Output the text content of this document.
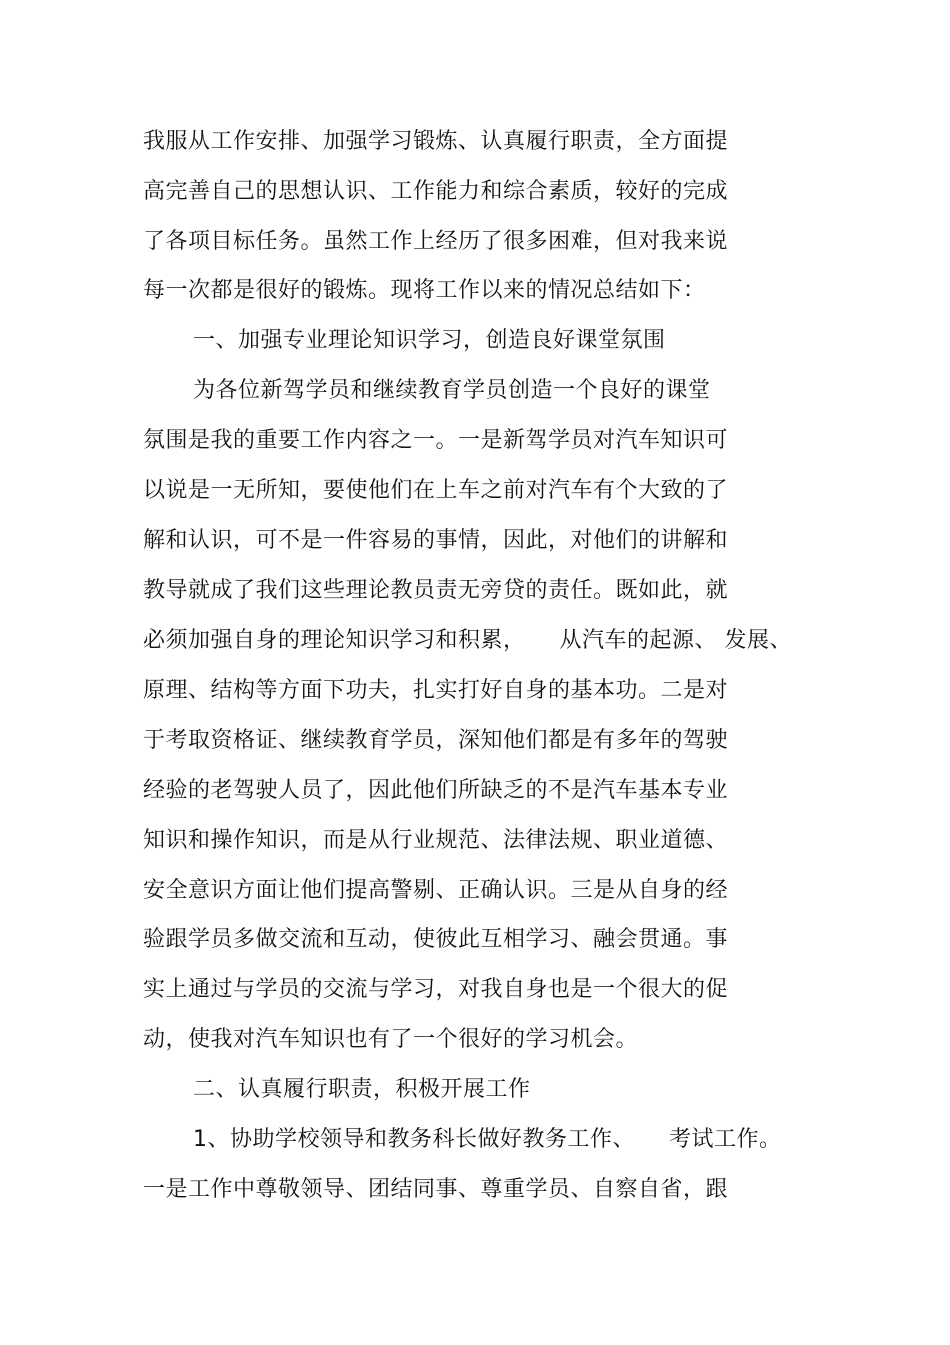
我服从工作安排、加强学习锻炼、认真履行职责，全方面提
高完善自己的思想认识、工作能力和综合素质，较好的完成
了各项目标任务。虽然工作上经历了很多困难，但对我来说
每一次都是很好的锻炼。现将工作以来的情况总结如下：
一、加强专业理论知识学习，创造良好课堂氛围
为各位新驾学员和继续教育学员创造一个良好的课堂
氛围是我的重要工作内容之一。一是新驾学员对汽车知识可
以说是一无所知，要使他们在上车之前对汽车有个大致的了
解和认识，可不是一件容易的事情，因此，对他们的讲解和
教导就成了我们这些理论教员责无旁贷的责任。既如此，就
必须加强自身的理论知识学习和积累，　　从汽车的起源、 发展、
原理、结构等方面下功夫，扎实打好自身的基本功。二是对
于考取资格证、继续教育学员，深知他们都是有多年的驾驶
经验的老驾驶人员了，因此他们所缺乏的不是汽车基本专业
知识和操作知识，而是从行业规范、法律法规、职业道德、
安全意识方面让他们提高警剔、正确认识。三是从自身的经
验跟学员多做交流和互动，使彼此互相学习、融会贯通。事
实上通过与学员的交流与学习，对我自身也是一个很大的促
动，使我对汽车知识也有了一个很好的学习机会。
二、认真履行职责，积极开展工作
1、协助学校领导和教务科长做好教务工作、　　考试工作。
一是工作中尊敬领导、团结同事、尊重学员、自察自省，跟
